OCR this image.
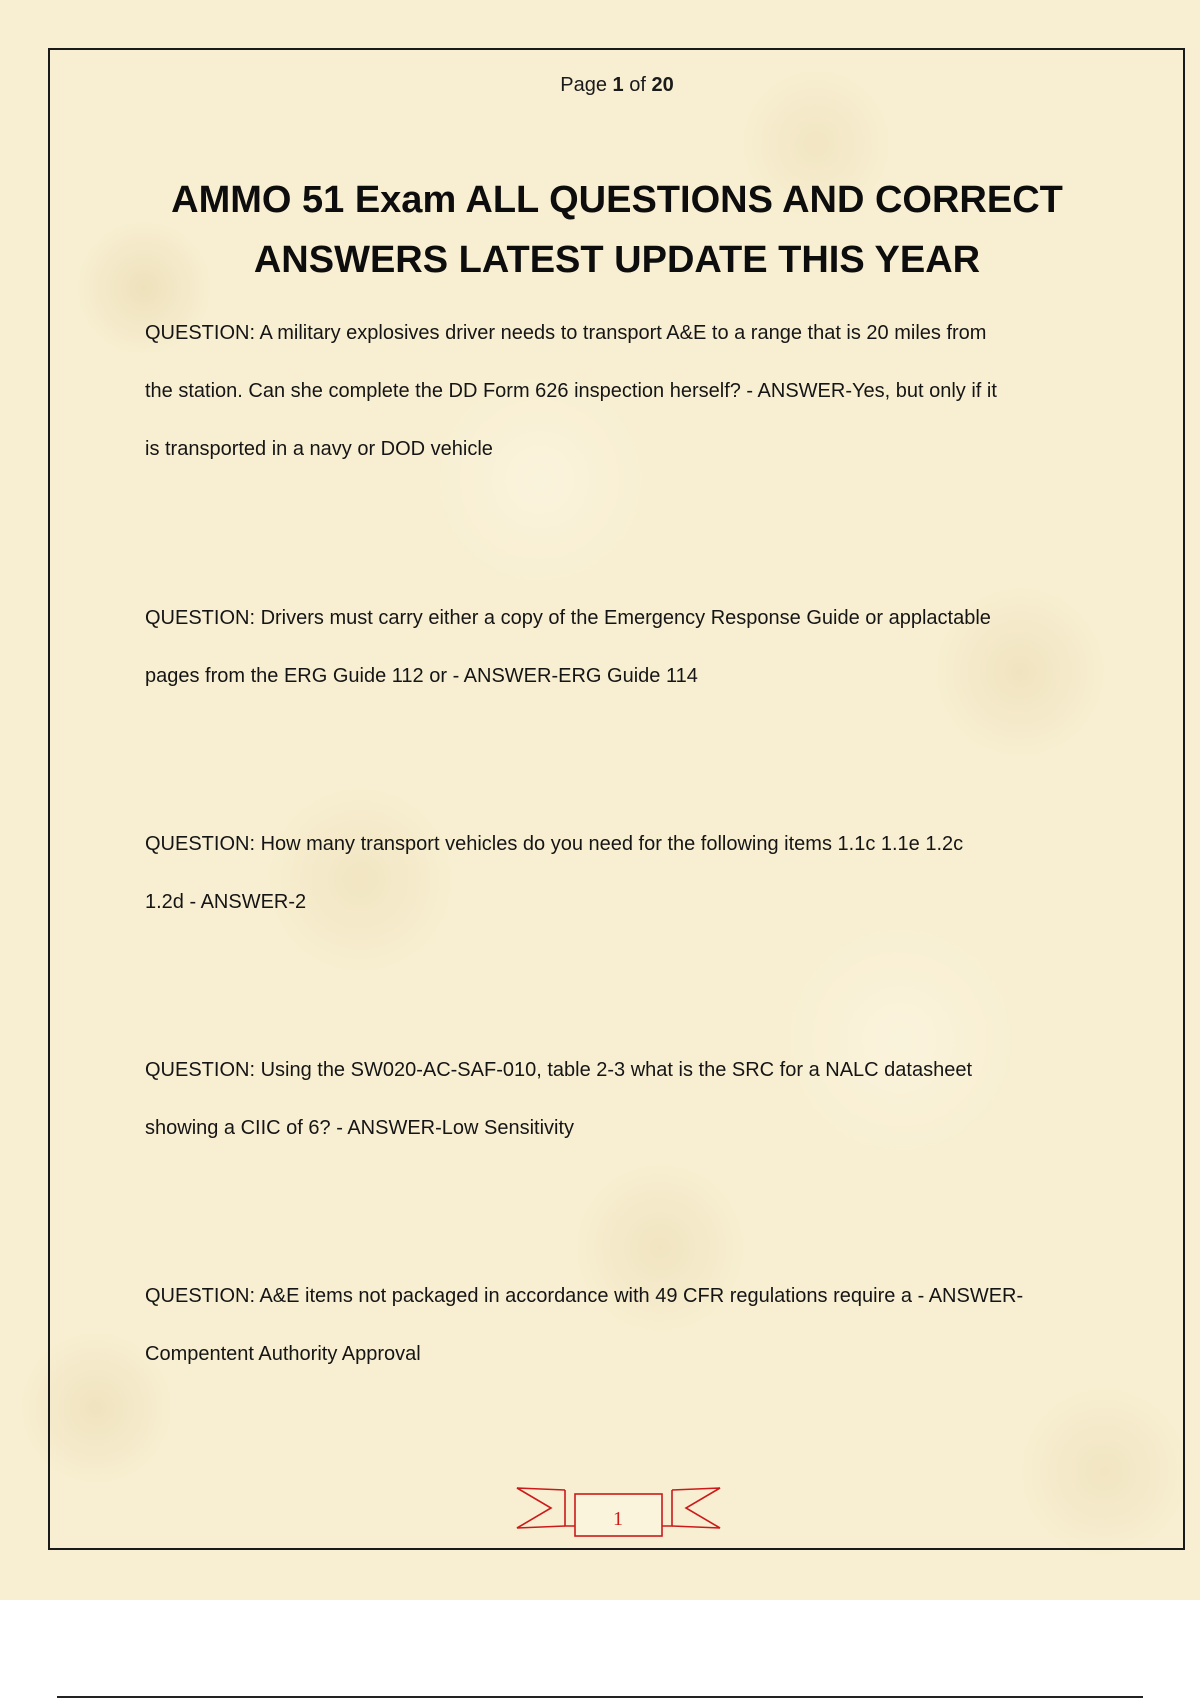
Page 1 of 20
AMMO 51 Exam ALL QUESTIONS AND CORRECT ANSWERS LATEST UPDATE THIS YEAR

QUESTION: A military explosives driver needs to transport A&E to a range that is 20 miles from
the station. Can she complete the DD Form 626 inspection herself? - ANSWER-Yes, but only if it
is transported in a navy or DOD vehicle

QUESTION: Drivers must carry either a copy of the Emergency Response Guide or applactable
pages from the ERG Guide 112 or - ANSWER-ERG Guide 114

QUESTION: How many transport vehicles do you need for the following items 1.1c 1.1e 1.2c
1.2d - ANSWER-2

QUESTION: Using the SW020-AC-SAF-010, table 2-3 what is the SRC for a NALC datasheet
showing a CIIC of 6? - ANSWER-Low Sensitivity

QUESTION: A&E items not packaged in accordance with 49 CFR regulations require a - ANSWER-
Compentent Authority Approval

1
